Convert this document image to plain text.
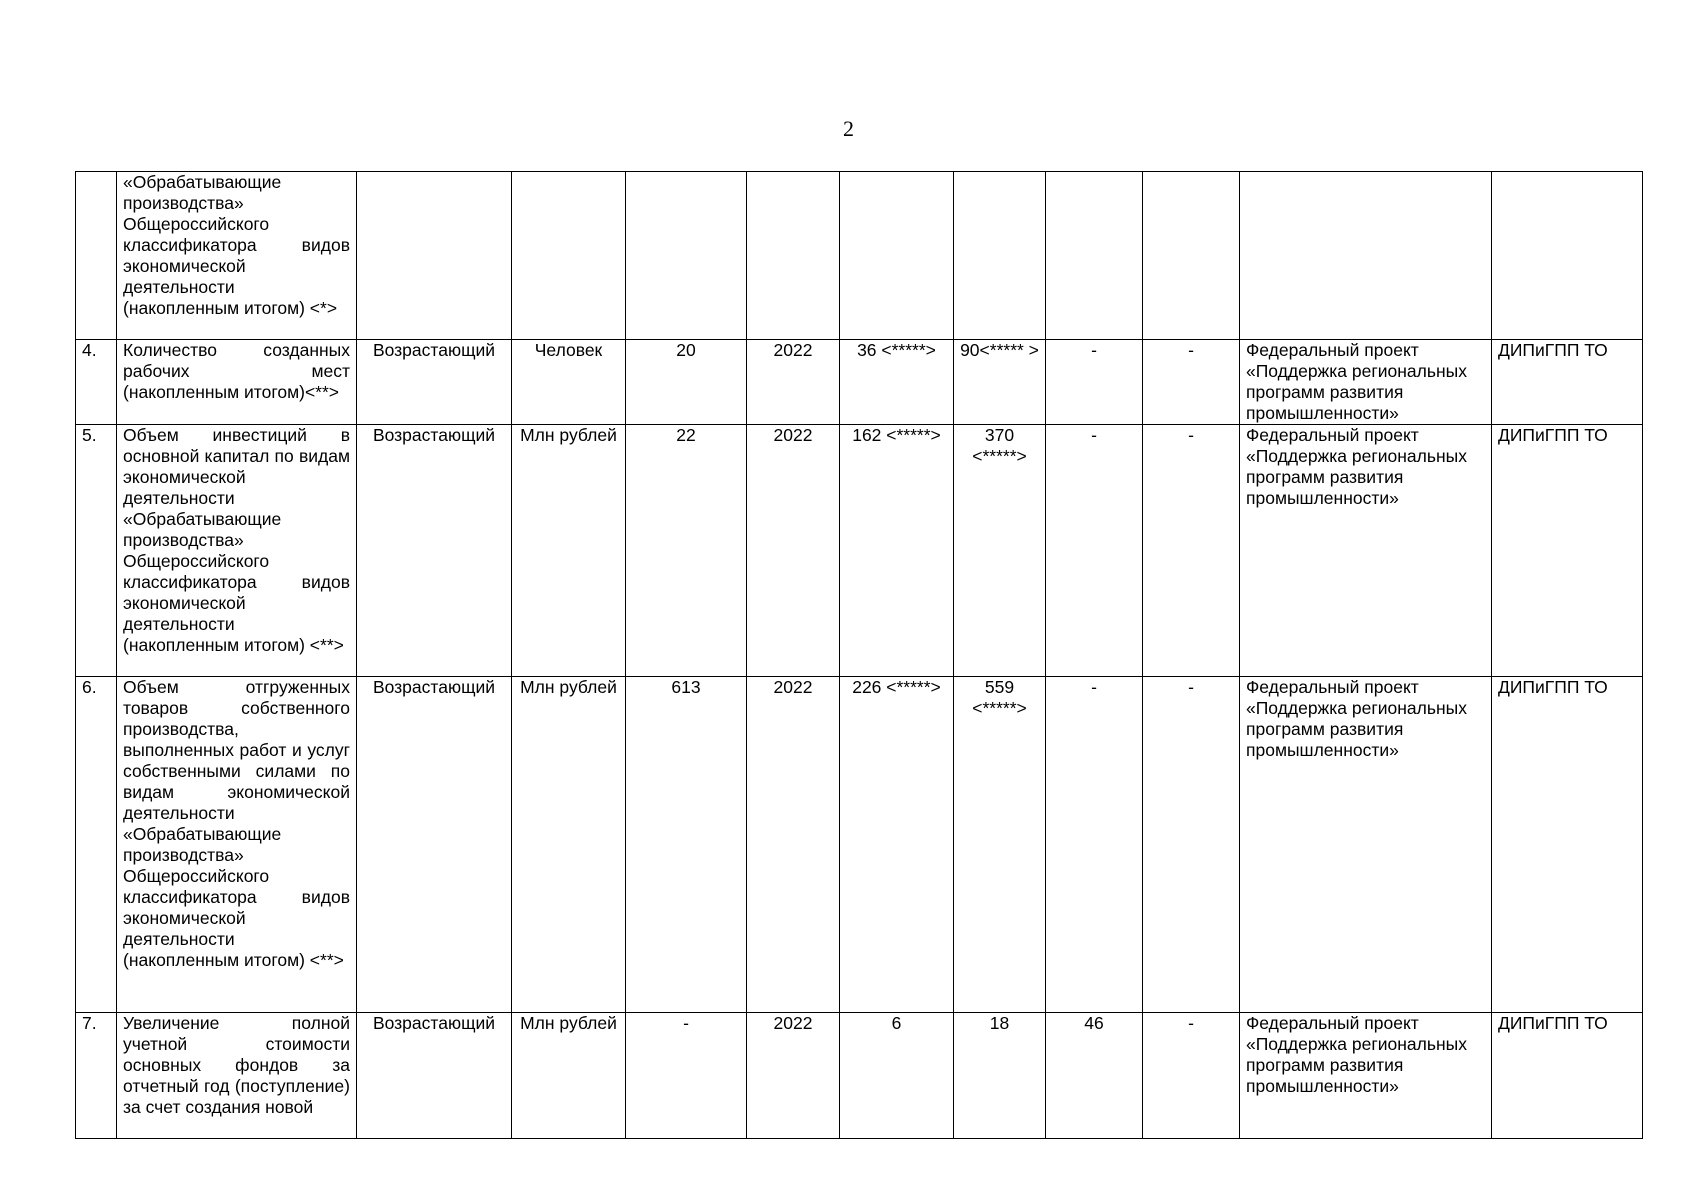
2
	«Обрабатывающие производства» Общероссийского классификатора видов экономической деятельности (накопленным итогом) <*>										
4.	Количество созданных рабочих мест (накопленным итогом)<**>	Возрастающий	Человек	20	2022	36 <*****>	90<***** >	-	-	Федеральный проект «Поддержка региональных программ развития промышленности»	ДИПиГПП ТО
5.	Объем инвестиций в основной капитал по видам экономической деятельности «Обрабатывающие производства» Общероссийского классификатора видов экономической деятельности (накопленным итогом) <**>	Возрастающий	Млн рублей	22	2022	162 <*****>	370 <*****>	-	-	Федеральный проект «Поддержка региональных программ развития промышленности»	ДИПиГПП ТО
6.	Объем отгруженных товаров собственного производства, выполненных работ и услуг собственными силами по видам экономической деятельности «Обрабатывающие производства» Общероссийского классификатора видов экономической деятельности (накопленным итогом) <**>	Возрастающий	Млн рублей	613	2022	226 <*****>	559 <*****>	-	-	Федеральный проект «Поддержка региональных программ развития промышленности»	ДИПиГПП ТО
7.	Увеличение полной учетной стоимости основных фондов за отчетный год (поступление) за счет создания новой	Возрастающий	Млн рублей	-	2022	6	18	46	-	Федеральный проект «Поддержка региональных программ развития промышленности»	ДИПиГПП ТО
